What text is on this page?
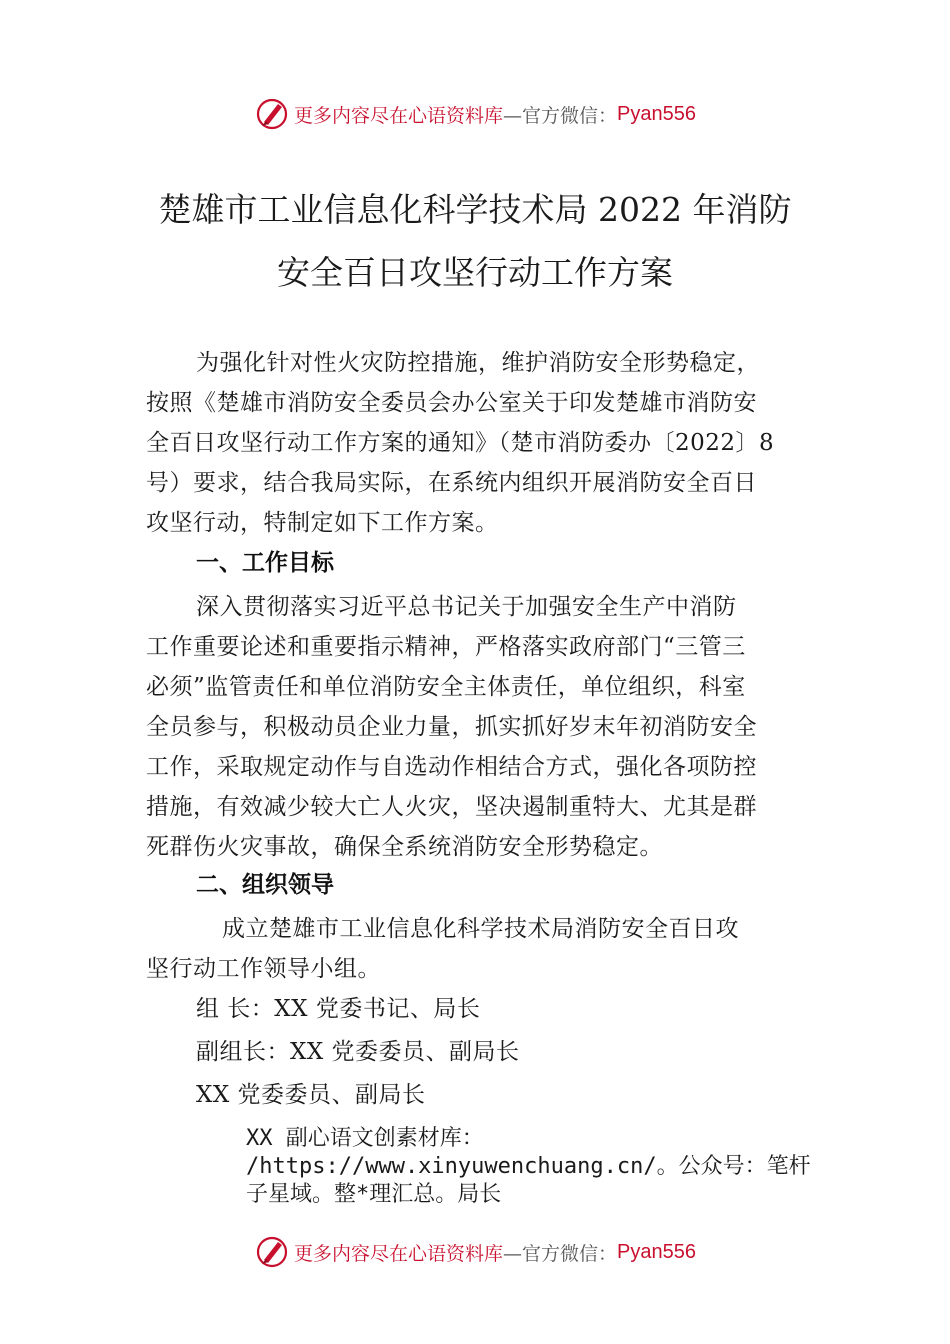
更多内容尽在心语资料库 —官方微信： Pyan556
楚雄市工业信息化科学技术局 2022 年消防
安全百日攻坚行动工作方案
为强化针对性火灾防控措施，维护消防安全形势稳定，
按照《楚雄市消防安全委员会办公室关于印发楚雄市消防安
全百日攻坚行动工作方案的通知》（楚市消防委办〔2022〕8
号）要求，结合我局实际，在系统内组织开展消防安全百日
攻坚行动，特制定如下工作方案。
一、工作目标
深入贯彻落实习近平总书记关于加强安全生产中消防
工作重要论述和重要指示精神，严格落实政府部门“三管三
必须”监管责任和单位消防安全主体责任，单位组织，科室
全员参与，积极动员企业力量，抓实抓好岁末年初消防安全
工作，采取规定动作与自选动作相结合方式，强化各项防控
措施，有效减少较大亡人火灾，坚决遏制重特大、尤其是群
死群伤火灾事故，确保全系统消防安全形势稳定。
二、组织领导
成立楚雄市工业信息化科学技术局消防安全百日攻
坚行动工作领导小组。
组 长：XX 党委书记、局长
副组长：XX 党委委员、副局长
XX 党委委员、副局长
XX 副心语文创素材库：
/https://www.xinyuwenchuang.cn/。公众号：笔杆
子星域。整*理汇总。局长
更多内容尽在心语资料库 —官方微信： Pyan556
